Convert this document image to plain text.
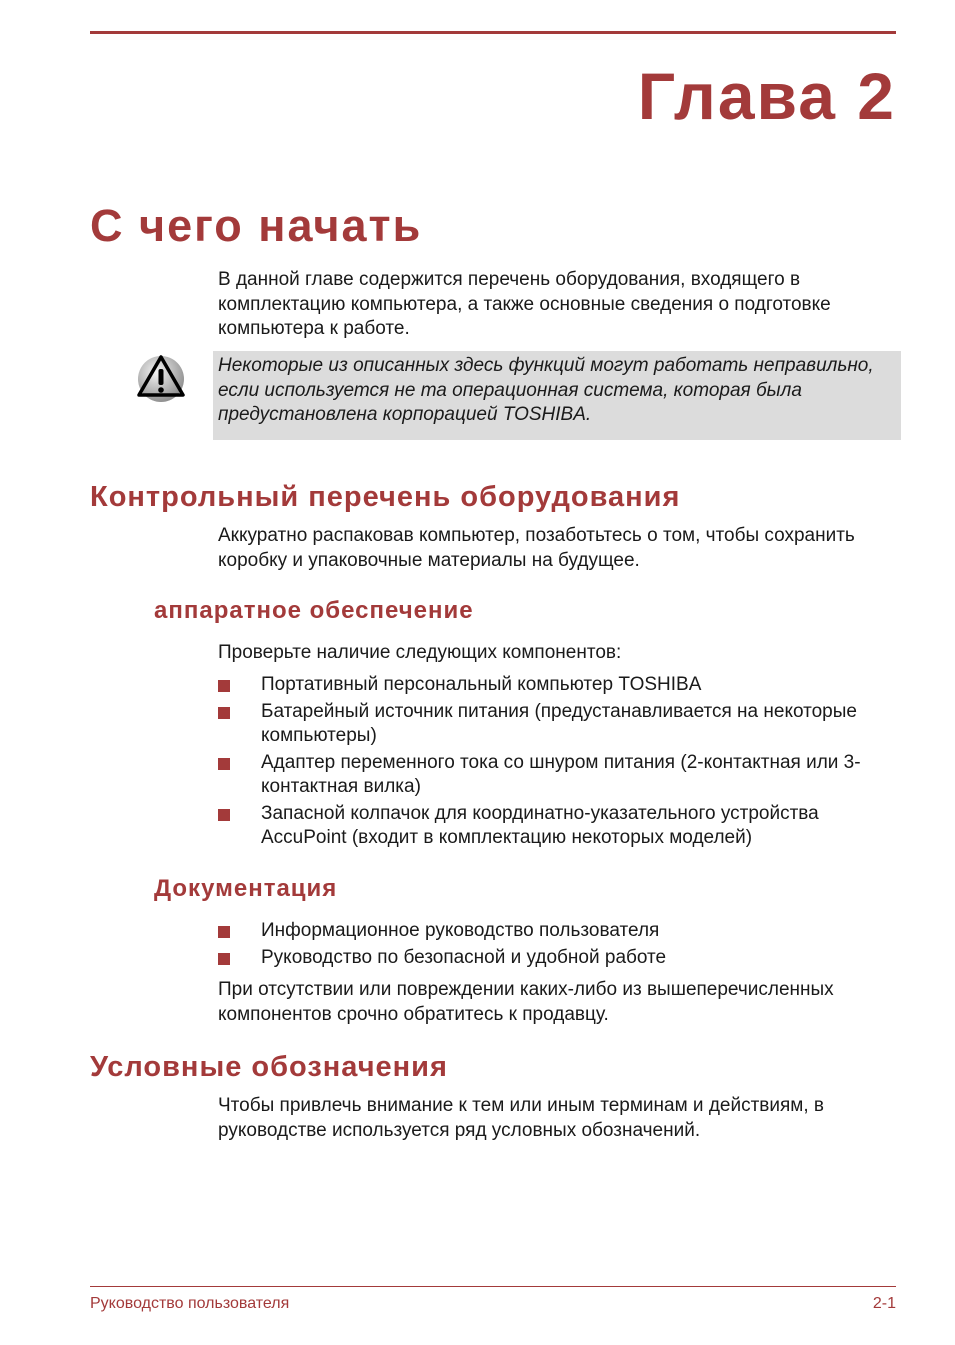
Глава 2
С чего начать

В данной главе содержится перечень оборудования, входящего в комплектацию компьютера, а также основные сведения о подготовке компьютера к работе.

Некоторые из описанных здесь функций могут работать неправильно, если используется не та операционная система, которая была предустановлена корпорацией TOSHIBA.

Контрольный перечень оборудования

Аккуратно распаковав компьютер, позаботьтесь о том, чтобы сохранить коробку и упаковочные материалы на будущее.

аппаратное обеспечение

Проверьте наличие следующих компонентов:

Портативный персональный компьютер TOSHIBA
Батарейный источник питания (предустанавливается на некоторые компьютеры)
Адаптер переменного тока со шнуром питания (2-контактная или 3-контактная вилка)
Запасной колпачок для координатно-указательного устройства AccuPoint (входит в комплектацию некоторых моделей)
Документация
Информационное руководство пользователя
Руководство по безопасной и удобной работе

При отсутствии или повреждении каких-либо из вышеперечисленных компонентов срочно обратитесь к продавцу.

Условные обозначения

Чтобы привлечь внимание к тем или иным терминам и действиям, в руководстве используется ряд условных обозначений.

Руководство пользователя	2-1
